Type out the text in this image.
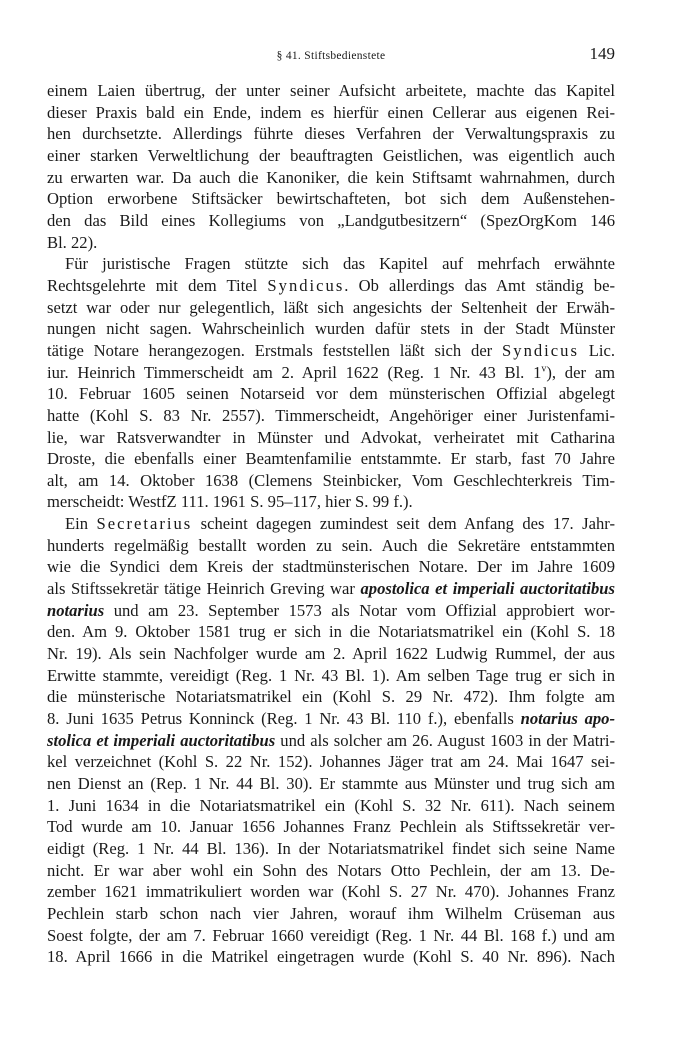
§ 41. Stiftsbedienstete	149
einem Laien übertrug, der unter seiner Aufsicht arbeitete, machte das Kapitel
dieser Praxis bald ein Ende, indem es hierfür einen Cellerar aus eigenen Rei-
hen durchsetzte. Allerdings führte dieses Verfahren der Verwaltungspraxis zu
einer starken Verweltlichung der beauftragten Geistlichen, was eigentlich auch
zu erwarten war. Da auch die Kanoniker, die kein Stiftsamt wahrnahmen, durch
Option erworbene Stiftsäcker bewirtschafteten, bot sich dem Außenstehen-
den das Bild eines Kollegiums von „Landgutbesitzern“ (SpezOrgKom 146
Bl. 22).
Für juristische Fragen stützte sich das Kapitel auf mehrfach erwähnte
Rechtsgelehrte mit dem Titel Syndicus. Ob allerdings das Amt ständig be-
setzt war oder nur gelegentlich, läßt sich angesichts der Seltenheit der Erwäh-
nungen nicht sagen. Wahrscheinlich wurden dafür stets in der Stadt Münster
tätige Notare herangezogen. Erstmals feststellen läßt sich der Syndicus Lic.
iur. Heinrich Timmerscheidt am 2. April 1622 (Reg. 1 Nr. 43 Bl. 1$^v$), der am
10. Februar 1605 seinen Notarseid vor dem münsterischen Offizial abgelegt
hatte (Kohl S. 83 Nr. 2557). Timmerscheidt, Angehöriger einer Juristenfami-
lie, war Ratsverwandter in Münster und Advokat, verheiratet mit Catharina
Droste, die ebenfalls einer Beamtenfamilie entstammte. Er starb, fast 70 Jahre
alt, am 14. Oktober 1638 (Clemens Steinbicker, Vom Geschlechterkreis Tim-
merscheidt: WestfZ 111. 1961 S. 95–117, hier S. 99 f.).
Ein Secretarius scheint dagegen zumindest seit dem Anfang des 17. Jahr-
hunderts regelmäßig bestallt worden zu sein. Auch die Sekretäre entstammten
wie die Syndici dem Kreis der stadtmünsterischen Notare. Der im Jahre 1609
als Stiftssekretär tätige Heinrich Greving war apostolica et imperiali auctoritatibus
notarius und am 23. September 1573 als Notar vom Offizial approbiert wor-
den. Am 9. Oktober 1581 trug er sich in die Notariatsmatrikel ein (Kohl S. 18
Nr. 19). Als sein Nachfolger wurde am 2. April 1622 Ludwig Rummel, der aus
Erwitte stammte, vereidigt (Reg. 1 Nr. 43 Bl. 1). Am selben Tage trug er sich in
die münsterische Notariatsmatrikel ein (Kohl S. 29 Nr. 472). Ihm folgte am
8. Juni 1635 Petrus Konninck (Reg. 1 Nr. 43 Bl. 110 f.), ebenfalls notarius apo-
stolica et imperiali auctoritatibus und als solcher am 26. August 1603 in der Matri-
kel verzeichnet (Kohl S. 22 Nr. 152). Johannes Jäger trat am 24. Mai 1647 sei-
nen Dienst an (Rep. 1 Nr. 44 Bl. 30). Er stammte aus Münster und trug sich am
1. Juni 1634 in die Notariatsmatrikel ein (Kohl S. 32 Nr. 611). Nach seinem
Tod wurde am 10. Januar 1656 Johannes Franz Pechlein als Stiftssekretär ver-
eidigt (Reg. 1 Nr. 44 Bl. 136). In der Notariatsmatrikel findet sich seine Name
nicht. Er war aber wohl ein Sohn des Notars Otto Pechlein, der am 13. De-
zember 1621 immatrikuliert worden war (Kohl S. 27 Nr. 470). Johannes Franz
Pechlein starb schon nach vier Jahren, worauf ihm Wilhelm Crüseman aus
Soest folgte, der am 7. Februar 1660 vereidigt (Reg. 1 Nr. 44 Bl. 168 f.) und am
18. April 1666 in die Matrikel eingetragen wurde (Kohl S. 40 Nr. 896). Nach
